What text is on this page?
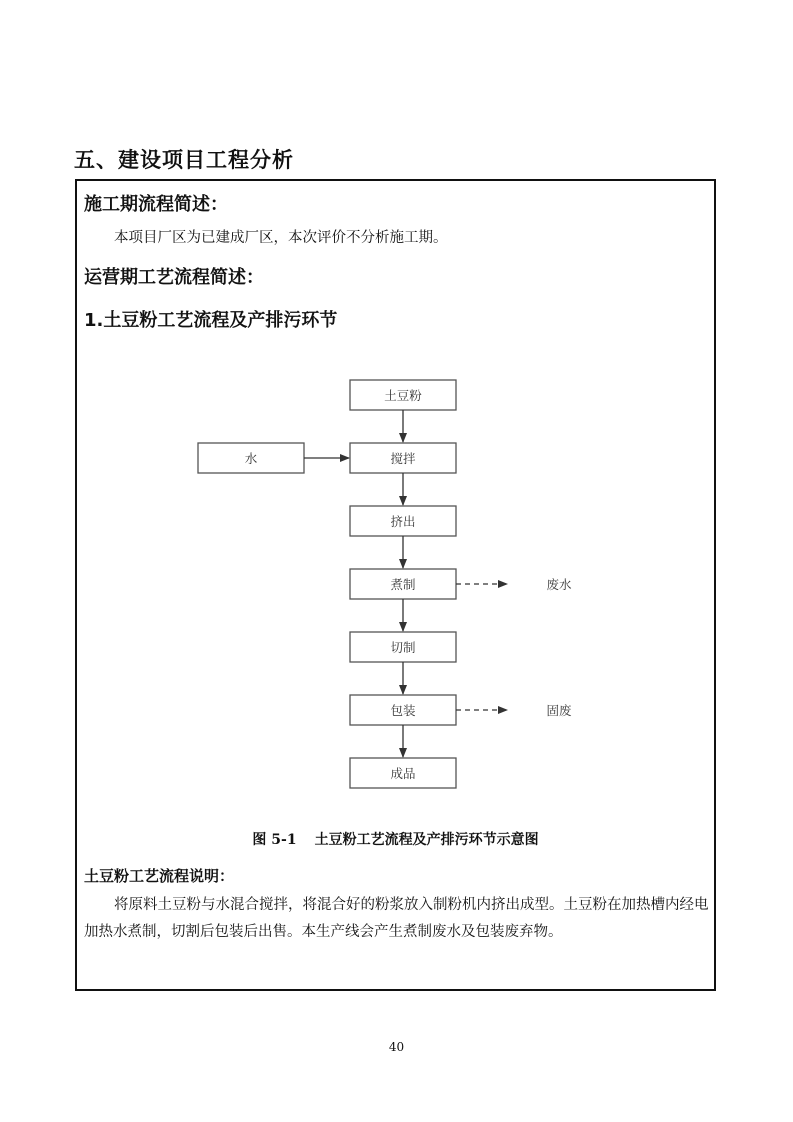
五、建设项目工程分析
施工期流程简述：
本项目厂区为已建成厂区，本次评价不分析施工期。
运营期工艺流程简述：
1.土豆粉工艺流程及产排污环节
土豆粉
搅拌
挤出
煮制
切制
包装
成品
水
废水
固废
图 5-1 土豆粉工艺流程及产排污环节示意图
土豆粉工艺流程说明：
将原料土豆粉与水混合搅拌，将混合好的粉浆放入制粉机内挤出成型。土豆粉在加热槽内经电加热水煮制，切割后包装后出售。本生产线会产生煮制废水及包装废弃物。
40
